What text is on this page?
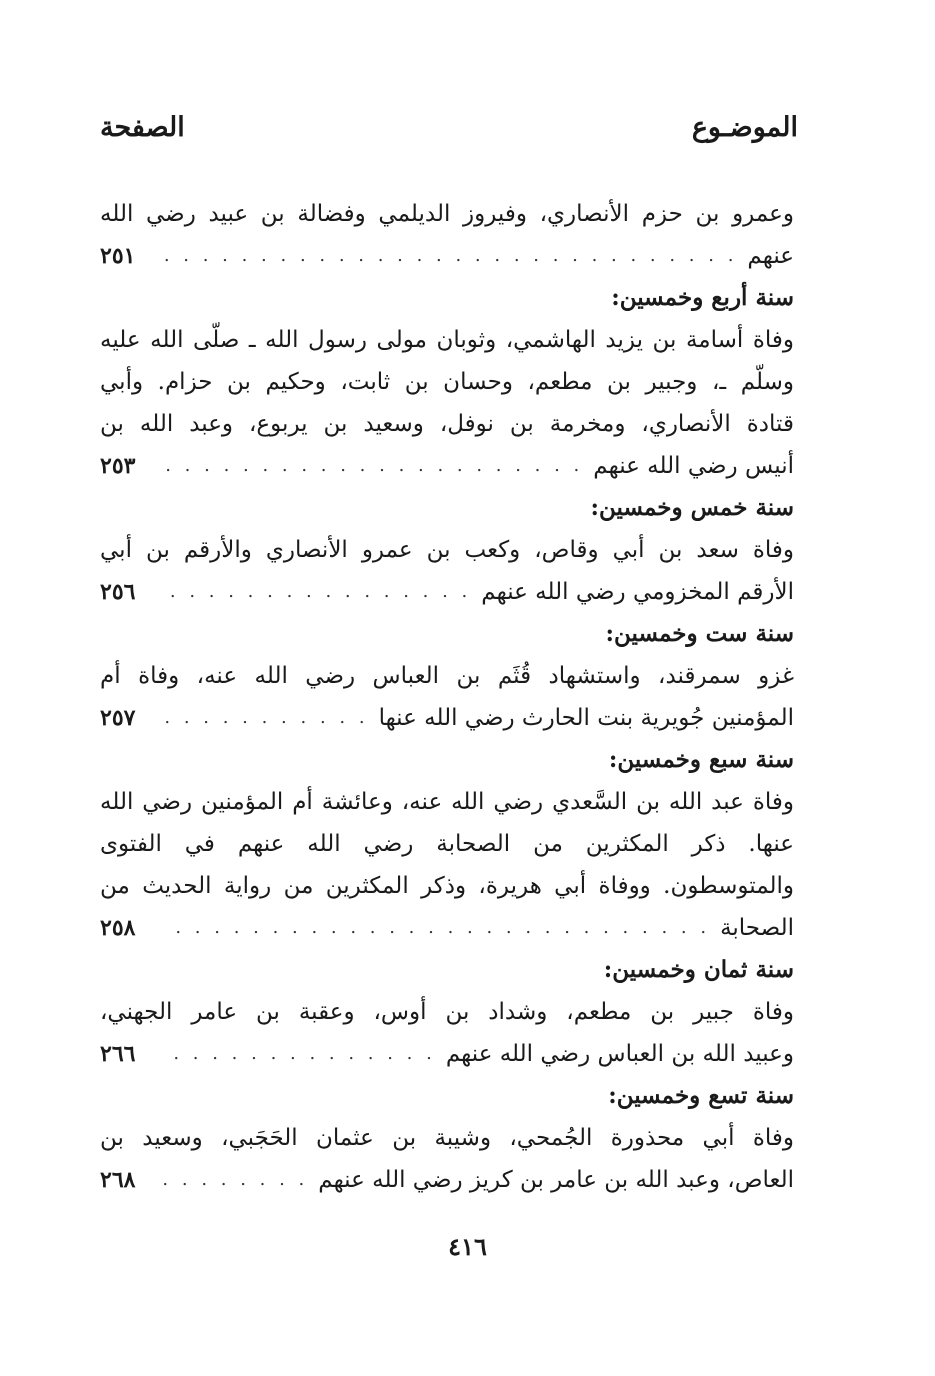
الموضـوع
الصفحة
وعمرو بن حزم الأنصاري، وفيروز الديلمي وفضالة بن عبيد رضي الله
عنهم
. . .
٢٥١
سنة أربع وخمسين:
وفاة أسامة بن يزيد الهاشمي، وثوبان مولى رسول الله ـ صلّى الله عليه
وسلّم ـ، وجبير بن مطعم، وحسان بن ثابت، وحكيم بن حزام. وأبي
قتادة الأنصاري، ومخرمة بن نوفل، وسعيد بن يربوع، وعبد الله بن
أنيس رضي الله عنهم
. . .
٢٥٣
سنة خمس وخمسين:
وفاة سعد بن أبي وقاص، وكعب بن عمرو الأنصاري والأرقم بن أبي
الأرقم المخزومي رضي الله عنهم
. . .
٢٥٦
سنة ست وخمسين:
غزو سمرقند، واستشهاد قُثَم بن العباس رضي الله عنه، وفاة أم
المؤمنين جُويرية بنت الحارث رضي الله عنها
. . .
٢٥٧
سنة سبع وخمسين:
وفاة عبد الله بن السَّعدي رضي الله عنه، وعائشة أم المؤمنين رضي الله
عنها. ذكر المكثرين من الصحابة رضي الله عنهم في الفتوى
والمتوسطون. ووفاة أبي هريرة، وذكر المكثرين من رواية الحديث من
الصحابة
. . .
٢٥٨
سنة ثمان وخمسين:
وفاة جبير بن مطعم، وشداد بن أوس، وعقبة بن عامر الجهني،
وعبيد الله بن العباس رضي الله عنهم
. . .
٢٦٦
سنة تسع وخمسين:
وفاة أبي محذورة الجُمحي، وشيبة بن عثمان الحَجَبي، وسعيد بن
العاص، وعبد الله بن عامر بن كريز رضي الله عنهم
. . .
٢٦٨
٤١٦
